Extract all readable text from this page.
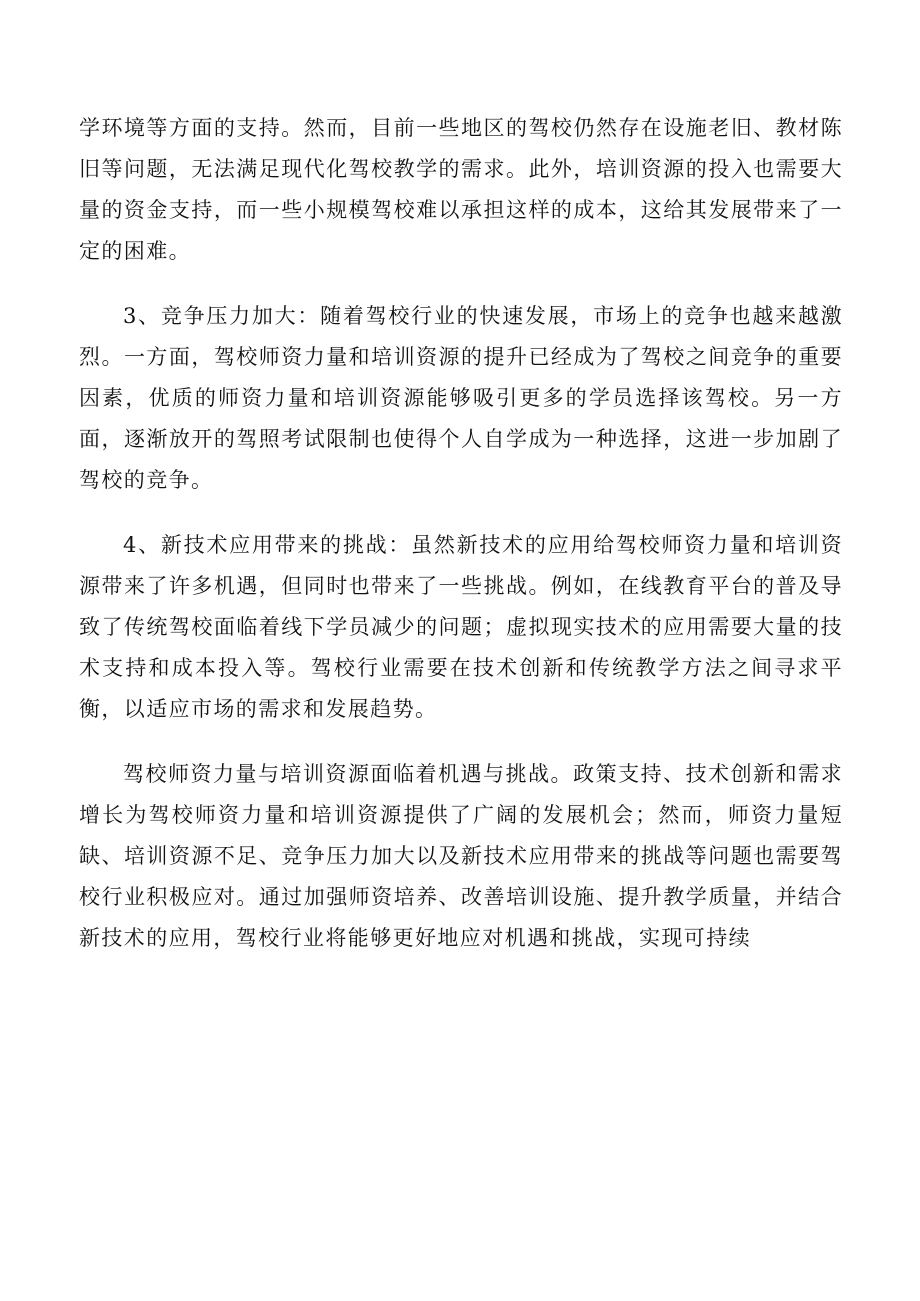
学环境等方面的支持。然而，目前一些地区的驾校仍然存在设施老旧、教材陈旧等问题，无法满足现代化驾校教学的需求。此外，培训资源的投入也需要大量的资金支持，而一些小规模驾校难以承担这样的成本，这给其发展带来了一定的困难。

3、竞争压力加大：随着驾校行业的快速发展，市场上的竞争也越来越激烈。一方面，驾校师资力量和培训资源的提升已经成为了驾校之间竞争的重要因素，优质的师资力量和培训资源能够吸引更多的学员选择该驾校。另一方面，逐渐放开的驾照考试限制也使得个人自学成为一种选择，这进一步加剧了驾校的竞争。

4、新技术应用带来的挑战：虽然新技术的应用给驾校师资力量和培训资源带来了许多机遇，但同时也带来了一些挑战。例如，在线教育平台的普及导致了传统驾校面临着线下学员减少的问题；虚拟现实技术的应用需要大量的技术支持和成本投入等。驾校行业需要在技术创新和传统教学方法之间寻求平衡，以适应市场的需求和发展趋势。

驾校师资力量与培训资源面临着机遇与挑战。政策支持、技术创新和需求增长为驾校师资力量和培训资源提供了广阔的发展机会；然而，师资力量短缺、培训资源不足、竞争压力加大以及新技术应用带来的挑战等问题也需要驾校行业积极应对。通过加强师资培养、改善培训设施、提升教学质量，并结合新技术的应用，驾校行业将能够更好地应对机遇和挑战，实现可持续
